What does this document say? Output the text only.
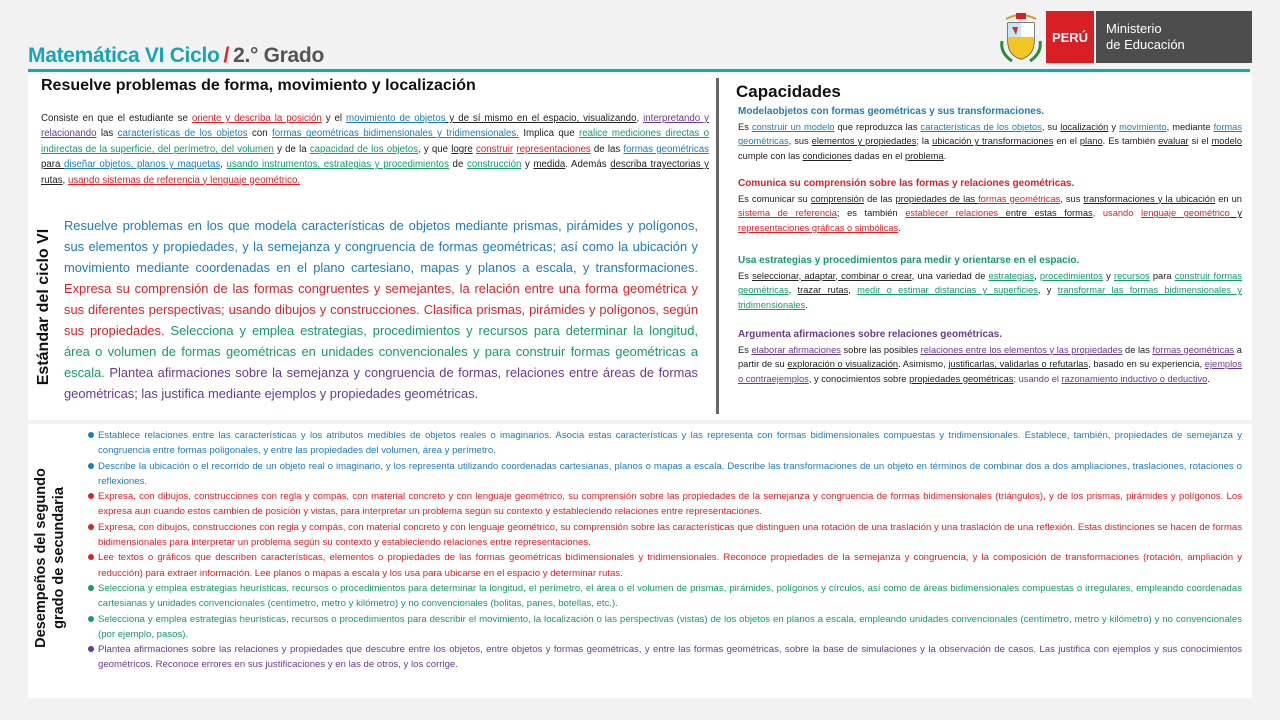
Matemática VI Ciclo / 2.° Grado
PERÚ
Ministerio
de Educación
Resuelve problemas de forma, movimiento y localización
Consiste en que el estudiante se oriente y describa la posición y el movimiento de objetos y de sí mismo en el espacio, visualizando, interpretando y relacionando las características de los objetos con formas geométricas bidimensionales y tridimensionales. Implica que realice mediciones directas o indirectas de la superficie, del perímetro, del volumen y de la capacidad de los objetos, y que logre construir representaciones de las formas geométricas para diseñar objetos, planos y maquetas, usando instrumentos, estrategias y procedimientos de construcción y medida. Además describa trayectorias y rutas, usando sistemas de referencia y lenguaje geométrico.
Estándar del ciclo VI
Resuelve problemas en los que modela características de objetos mediante prismas, pirámides y polígonos, sus elementos y propiedades, y la semejanza y congruencia de formas geométricas; así como la ubicación y movimiento mediante coordenadas en el plano cartesiano, mapas y planos a escala, y transformaciones. Expresa su comprensión de las formas congruentes y semejantes, la relación entre una forma geométrica y sus diferentes perspectivas; usando dibujos y construcciones. Clasifica prismas, pirámides y polígonos, según sus propiedades. Selecciona y emplea estrategias, procedimientos y recursos para determinar la longitud, área o volumen de formas geométricas en unidades convencionales y para construir formas geométricas a escala. Plantea afirmaciones sobre la semejanza y congruencia de formas, relaciones entre áreas de formas geométricas; las justifica mediante ejemplos y propiedades geométricas.
Capacidades
Modelaobjetos con formas geométricas y sus transformaciones.
Es construir un modelo que reproduzca las características de los objetos, su localización y movimiento, mediante formas geométricas, sus elementos y propiedades; la ubicación y transformaciones en el plano. Es también evaluar si el modelo cumple con las condiciones dadas en el problema.
Comunica su comprensión sobre las formas y relaciones geométricas.
Es comunicar su comprensión de las propiedades de las formas geométricas, sus transformaciones y la ubicación en un sistema de referencia; es también establecer relaciones entre estas formas, usando lenguaje geométrico y representaciones gráficas o simbólicas.
Usa estrategias y procedimientos para medir y orientarse en el espacio.
Es seleccionar, adaptar, combinar o crear, una variedad de estrategias, procedimientos y recursos para construir formas geométricas, trazar rutas, medir o estimar distancias y superficies, y transformar las formas bidimensionales y tridimensionales.
Argumenta afirmaciones sobre relaciones geométricas.
Es elaborar afirmaciones sobre las posibles relaciones entre los elementos y las propiedades de las formas geométricas a partir de su exploración o visualización. Asimismo, justificarlas, validarlas o refutarlas, basado en su experiencia, ejemplos o contraejemplos, y conocimientos sobre propiedades geométricas; usando el razonamiento inductivo o deductivo.
Desempeños del segundo grado de secundaria
Establece relaciones entre las características y los atributos medibles de objetos reales o imaginarios. Asocia estas características y las representa con formas bidimensionales compuestas y tridimensionales. Establece, también, propiedades de semejanza y congruencia entre formas poligonales, y entre las propiedades del volumen, área y perímetro.
Describe la ubicación o el recorrido de un objeto real o imaginario, y los representa utilizando coordenadas cartesianas, planos o mapas a escala. Describe las transformaciones de un objeto en términos de combinar dos a dos ampliaciones, traslaciones, rotaciones o reflexiones.
Expresa, con dibujos, construcciones con regla y compás, con material concreto y con lenguaje geométrico, su comprensión sobre las propiedades de la semejanza y congruencia de formas bidimensionales (triángulos), y de los prismas, pirámides y polígonos. Los expresa aun cuando estos cambien de posición y vistas, para interpretar un problema según su contexto y estableciendo relaciones entre representaciones.
Expresa, con dibujos, construcciones con regla y compás, con material concreto y con lenguaje geométrico, su comprensión sobre las características que distinguen una rotación de una traslación y una traslación de una reflexión. Estas distinciones se hacen de formas bidimensionales para interpretar un problema según su contexto y estableciendo relaciones entre representaciones.
Lee textos o gráficos que describen características, elementos o propiedades de las formas geométricas bidimensionales y tridimensionales. Reconoce propiedades de la semejanza y congruencia, y la composición de transformaciones (rotación, ampliación y reducción) para extraer información. Lee planos o mapas a escala y los usa para ubicarse en el espacio y determinar rutas.
Selecciona y emplea estrategias heurísticas, recursos o procedimientos para determinar la longitud, el perímetro, el área o el volumen de prismas, pirámides, polígonos y círculos, así como de áreas bidimensionales compuestas o irregulares, empleando coordenadas cartesianas y unidades convencionales (centímetro, metro y kilómetro) y no convencionales (bolitas, panes, botellas, etc.).
Selecciona y emplea estrategias heurísticas, recursos o procedimientos para describir el movimiento, la localización o las perspectivas (vistas) de los objetos en planos a escala, empleando unidades convencionales (centímetro, metro y kilómetro) y no convencionales (por ejemplo, pasos).
Plantea afirmaciones sobre las relaciones y propiedades que descubre entre los objetos, entre objetos y formas geométricas, y entre las formas geométricas, sobre la base de simulaciones y la observación de casos. Las justifica con ejemplos y sus conocimientos geométricos. Reconoce errores en sus justificaciones y en las de otros, y los corrige.
